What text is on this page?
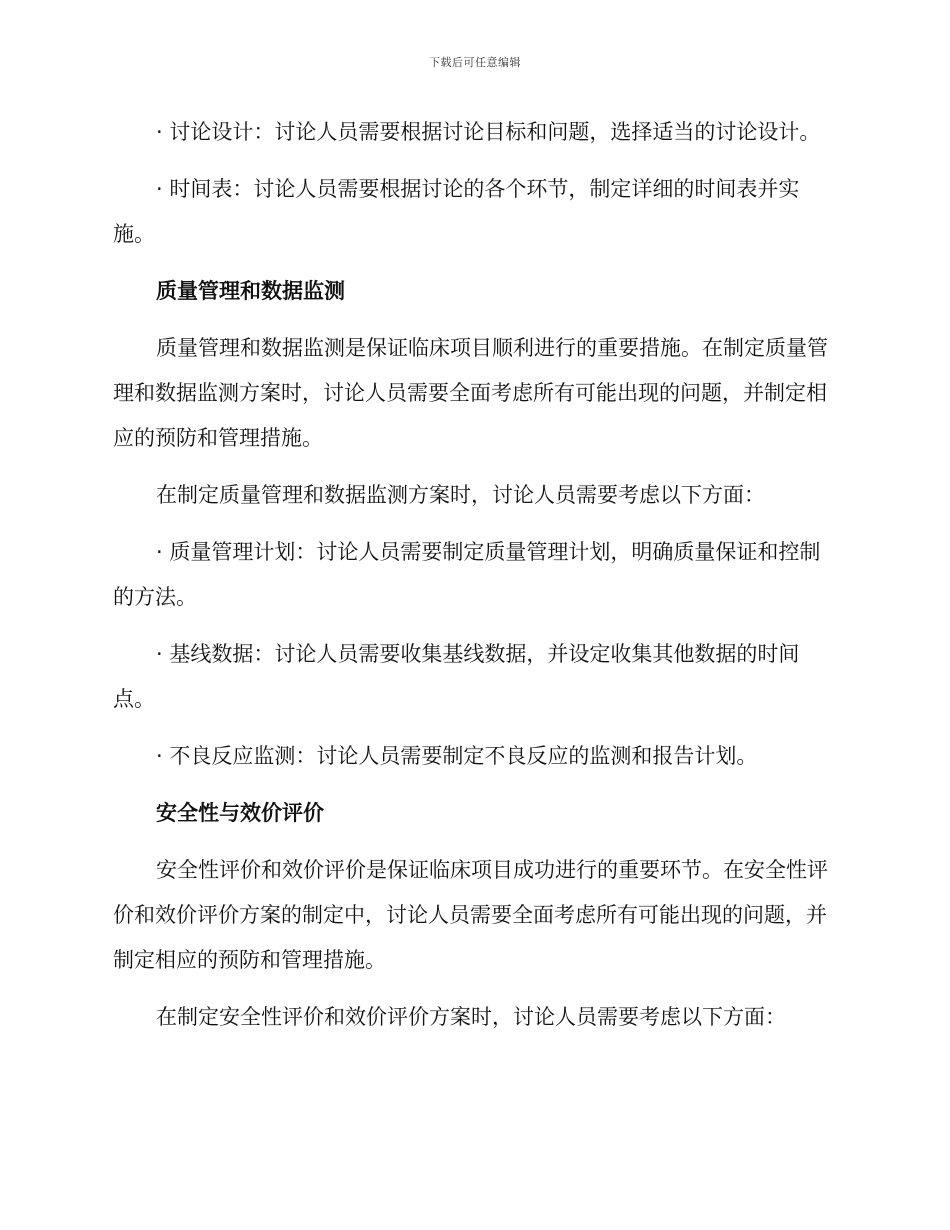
下载后可任意编辑

· 讨论设计：讨论人员需要根据讨论目标和问题，选择适当的讨论设计。

· 时间表：讨论人员需要根据讨论的各个环节，制定详细的时间表并实施。

质量管理和数据监测

质量管理和数据监测是保证临床项目顺利进行的重要措施。在制定质量管理和数据监测方案时，讨论人员需要全面考虑所有可能出现的问题，并制定相应的预防和管理措施。

在制定质量管理和数据监测方案时，讨论人员需要考虑以下方面：

· 质量管理计划：讨论人员需要制定质量管理计划，明确质量保证和控制的方法。

· 基线数据：讨论人员需要收集基线数据，并设定收集其他数据的时间点。

· 不良反应监测：讨论人员需要制定不良反应的监测和报告计划。

安全性与效价评价

安全性评价和效价评价是保证临床项目成功进行的重要环节。在安全性评价和效价评价方案的制定中，讨论人员需要全面考虑所有可能出现的问题，并制定相应的预防和管理措施。

在制定安全性评价和效价评价方案时，讨论人员需要考虑以下方面：
